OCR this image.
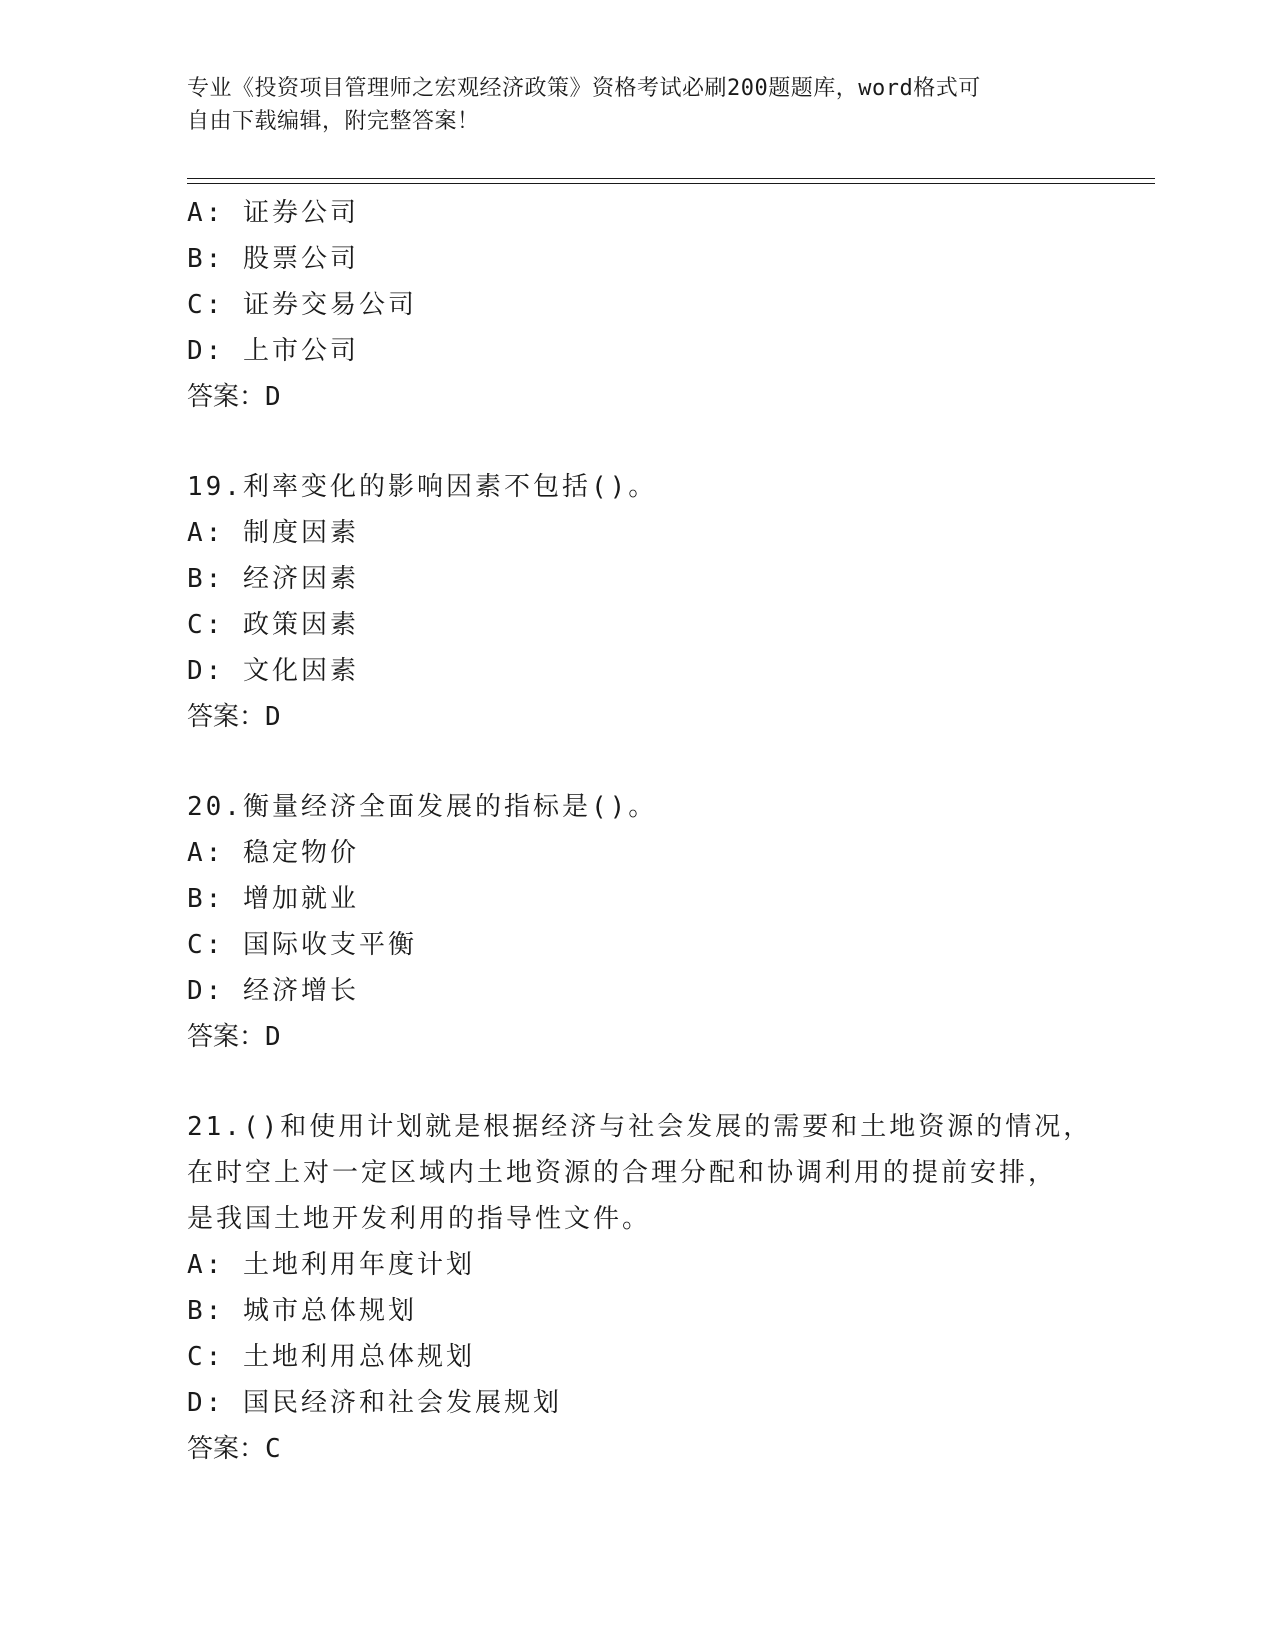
专业《投资项目管理师之宏观经济政策》资格考试必刷200题题库，word格式可
自由下载编辑，附完整答案！
A: 证券公司
B: 股票公司
C: 证券交易公司
D: 上市公司
答案：D
19.利率变化的影响因素不包括()。
A: 制度因素
B: 经济因素
C: 政策因素
D: 文化因素
答案：D
20.衡量经济全面发展的指标是()。
A: 稳定物价
B: 增加就业
C: 国际收支平衡
D: 经济增长
答案：D
21.()和使用计划就是根据经济与社会发展的需要和土地资源的情况，
在时空上对一定区域内土地资源的合理分配和协调利用的提前安排，
是我国土地开发利用的指导性文件。
A: 土地利用年度计划
B: 城市总体规划
C: 土地利用总体规划
D: 国民经济和社会发展规划
答案：C
